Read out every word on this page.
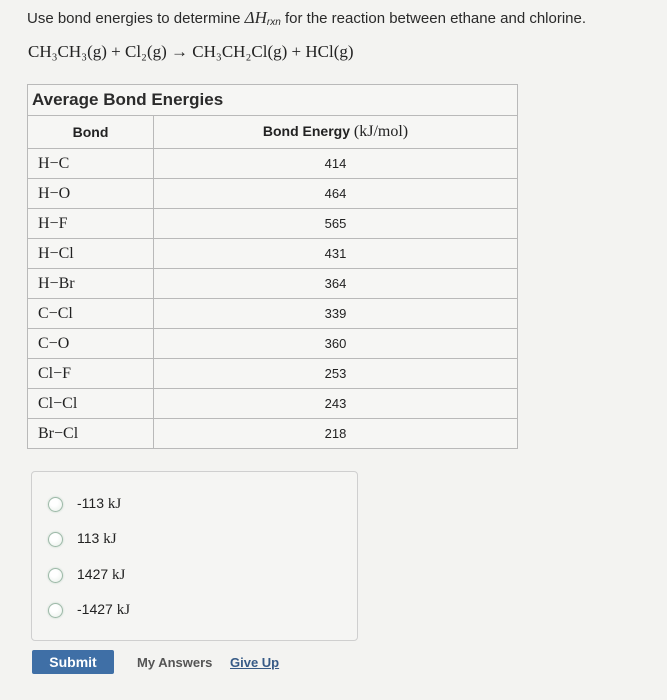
Use bond energies to determine $\Delta H_{rxn}$ for the reaction between ethane and chlorine.
CH₃CH₃(g) + Cl₂(g) → CH₃CH₂Cl(g) + HCl(g)
Average Bond Energies	
Bond	Bond Energy (kJ/mol)
H−C	414
H−O	464
H−F	565
H−Cl	431
H−Br	364
C−Cl	339
C−O	360
Cl−F	253
Cl−Cl	243
Br−Cl	218
-113 kJ
113 kJ
1427 kJ
-1427 kJ
Submit	My Answers Give Up
